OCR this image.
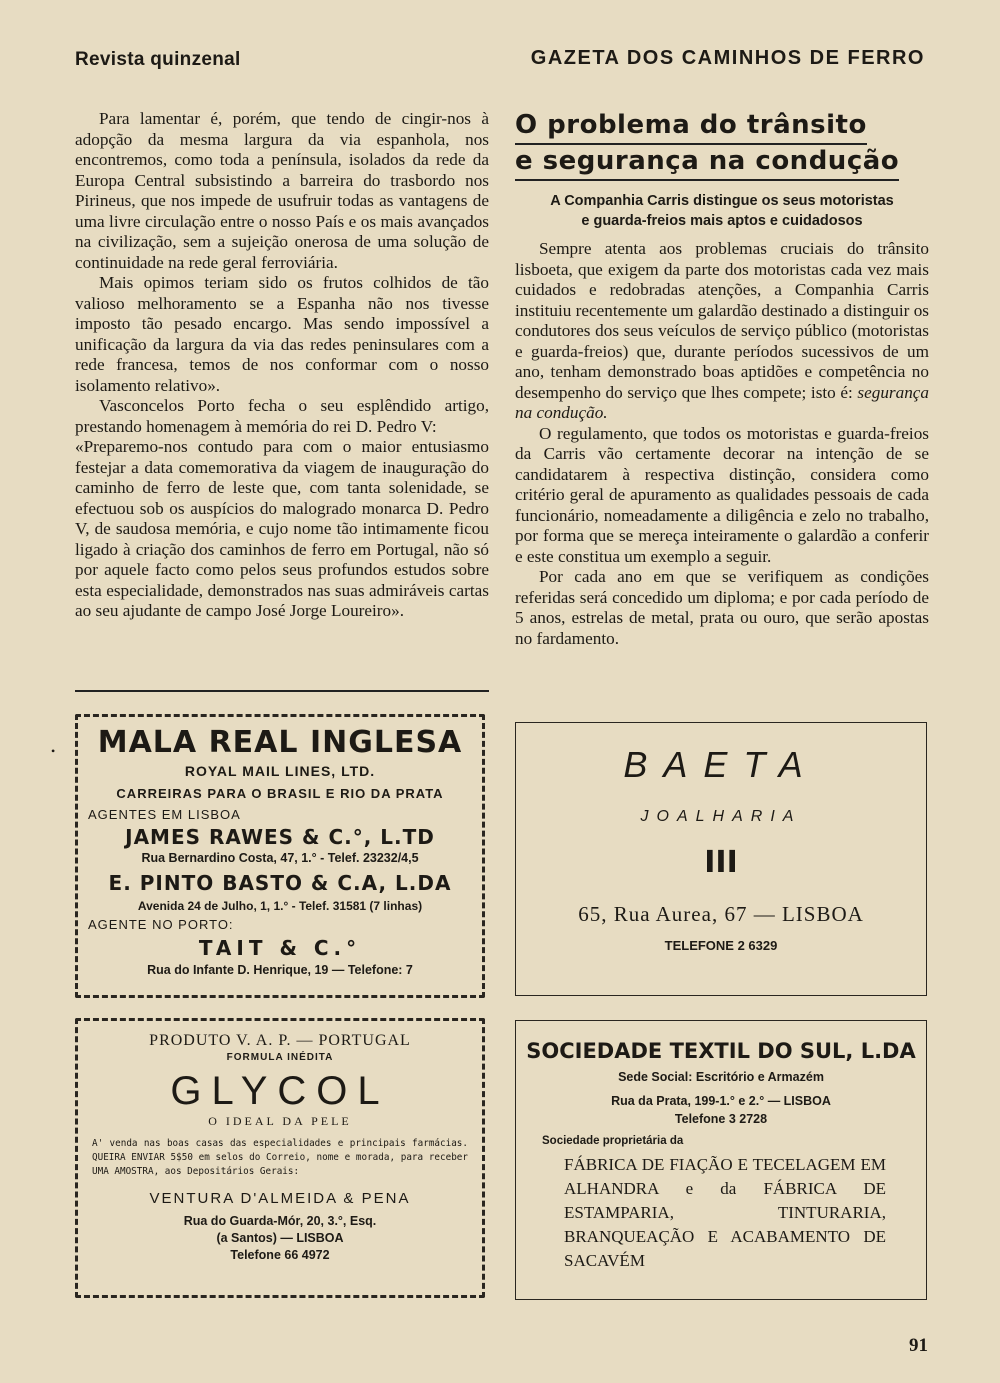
Revista quinzenal	GAZETA DOS CAMINHOS DE FERRO

Para lamentar é, porém, que tendo de cingir-nos à adopção da mesma largura da via espanhola, nos encontremos, como toda a península, isolados da rede da Europa Central subsistindo a barreira do trasbordo nos Pirineus, que nos impede de usufruir todas as vantagens de uma livre circulação entre o nosso País e os mais avançados na civilização, sem a sujeição onerosa de uma solução de continuidade na rede geral ferroviária.

Mais opimos teriam sido os frutos colhidos de tão valioso melhoramento se a Espanha não nos tivesse imposto tão pesado encargo. Mas sendo impossível a unificação da largura da via das redes peninsulares com a rede francesa, temos de nos conformar com o nosso isolamento relativo».

Vasconcelos Porto fecha o seu esplêndido artigo, prestando homenagem à memória do rei D. Pedro V:

«Preparemo-nos contudo para com o maior entusiasmo festejar a data comemorativa da viagem de inauguração do caminho de ferro de leste que, com tanta solenidade, se efectuou sob os auspícios do malogrado monarca D. Pedro V, de saudosa memória, e cujo nome tão intimamente ficou ligado à criação dos caminhos de ferro em Portugal, não só por aquele facto como pelos seus profundos estudos sobre esta especialidade, demonstrados nas suas admiráveis cartas ao seu ajudante de campo José Jorge Loureiro».

O problema do trânsito
e segurança na condução
A Companhia Carris distingue os seus motoristas
e guarda-freios mais aptos e cuidadosos

Sempre atenta aos problemas cruciais do trânsito lisboeta, que exigem da parte dos motoristas cada vez mais cuidados e redobradas atenções, a Companhia Carris instituiu recentemente um galardão destinado a distinguir os condutores dos seus veículos de serviço público (motoristas e guarda-freios) que, durante períodos sucessivos de um ano, tenham demonstrado boas aptidões e competência no desempenho do serviço que lhes compete; isto é: segurança na condução.

O regulamento, que todos os motoristas e guarda-freios da Carris vão certamente decorar na intenção de se candidatarem à respectiva distinção, considera como critério geral de apuramento as qualidades pessoais de cada funcionário, nomeadamente a diligência e zelo no trabalho, por forma que se mereça inteiramente o galardão a conferir e este constitua um exemplo a seguir.

Por cada ano em que se verifiquem as condições referidas será concedido um diploma; e por cada período de 5 anos, estrelas de metal, prata ou ouro, que serão apostas no fardamento.

•	MALA REAL INGLESA
ROYAL MAIL LINES, LTD.
CARREIRAS PARA O BRASIL E RIO DA PRATA
AGENTES EM LISBOA
JAMES RAWES & C.°, L.TD
Rua Bernardino Costa, 47, 1.° - Telef. 23232/4,5
E. PINTO BASTO & C.A, L.DA
Avenida 24 de Julho, 1, 1.° - Telef. 31581 (7 linhas)
AGENTE NO PORTO:
TAIT & C.°
Rua do Infante D. Henrique, 19 — Telefone: 7
BAETA
JOALHARIA
III
65, Rua Aurea, 67 — LISBOA
TELEFONE 2 6329
PRODUTO V. A. P. — PORTUGAL
FORMULA INÉDITA
GLYCOL
O IDEAL DA PELE
A' venda nas boas casas das especialidades e principais farmácias. QUEIRA ENVIAR 5$50 em selos do Correio, nome e morada, para receber UMA AMOSTRA, aos Depositários Gerais:
VENTURA D'ALMEIDA & PENA
Rua do Guarda-Mór, 20, 3.°, Esq.
(a Santos) — LISBOA
Telefone 66 4972
SOCIEDADE TEXTIL DO SUL, L.DA
Sede Social: Escritório e Armazém
Rua da Prata, 199-1.° e 2.° — LISBOA
Telefone 3 2728
Sociedade proprietária da
FÁBRICA DE FIAÇÃO E TECELAGEM EM ALHANDRA e da FÁBRICA DE ESTAMPARIA, TINTURARIA, BRANQUEAÇÃO E ACABAMENTO DE SACAVÉM
91
